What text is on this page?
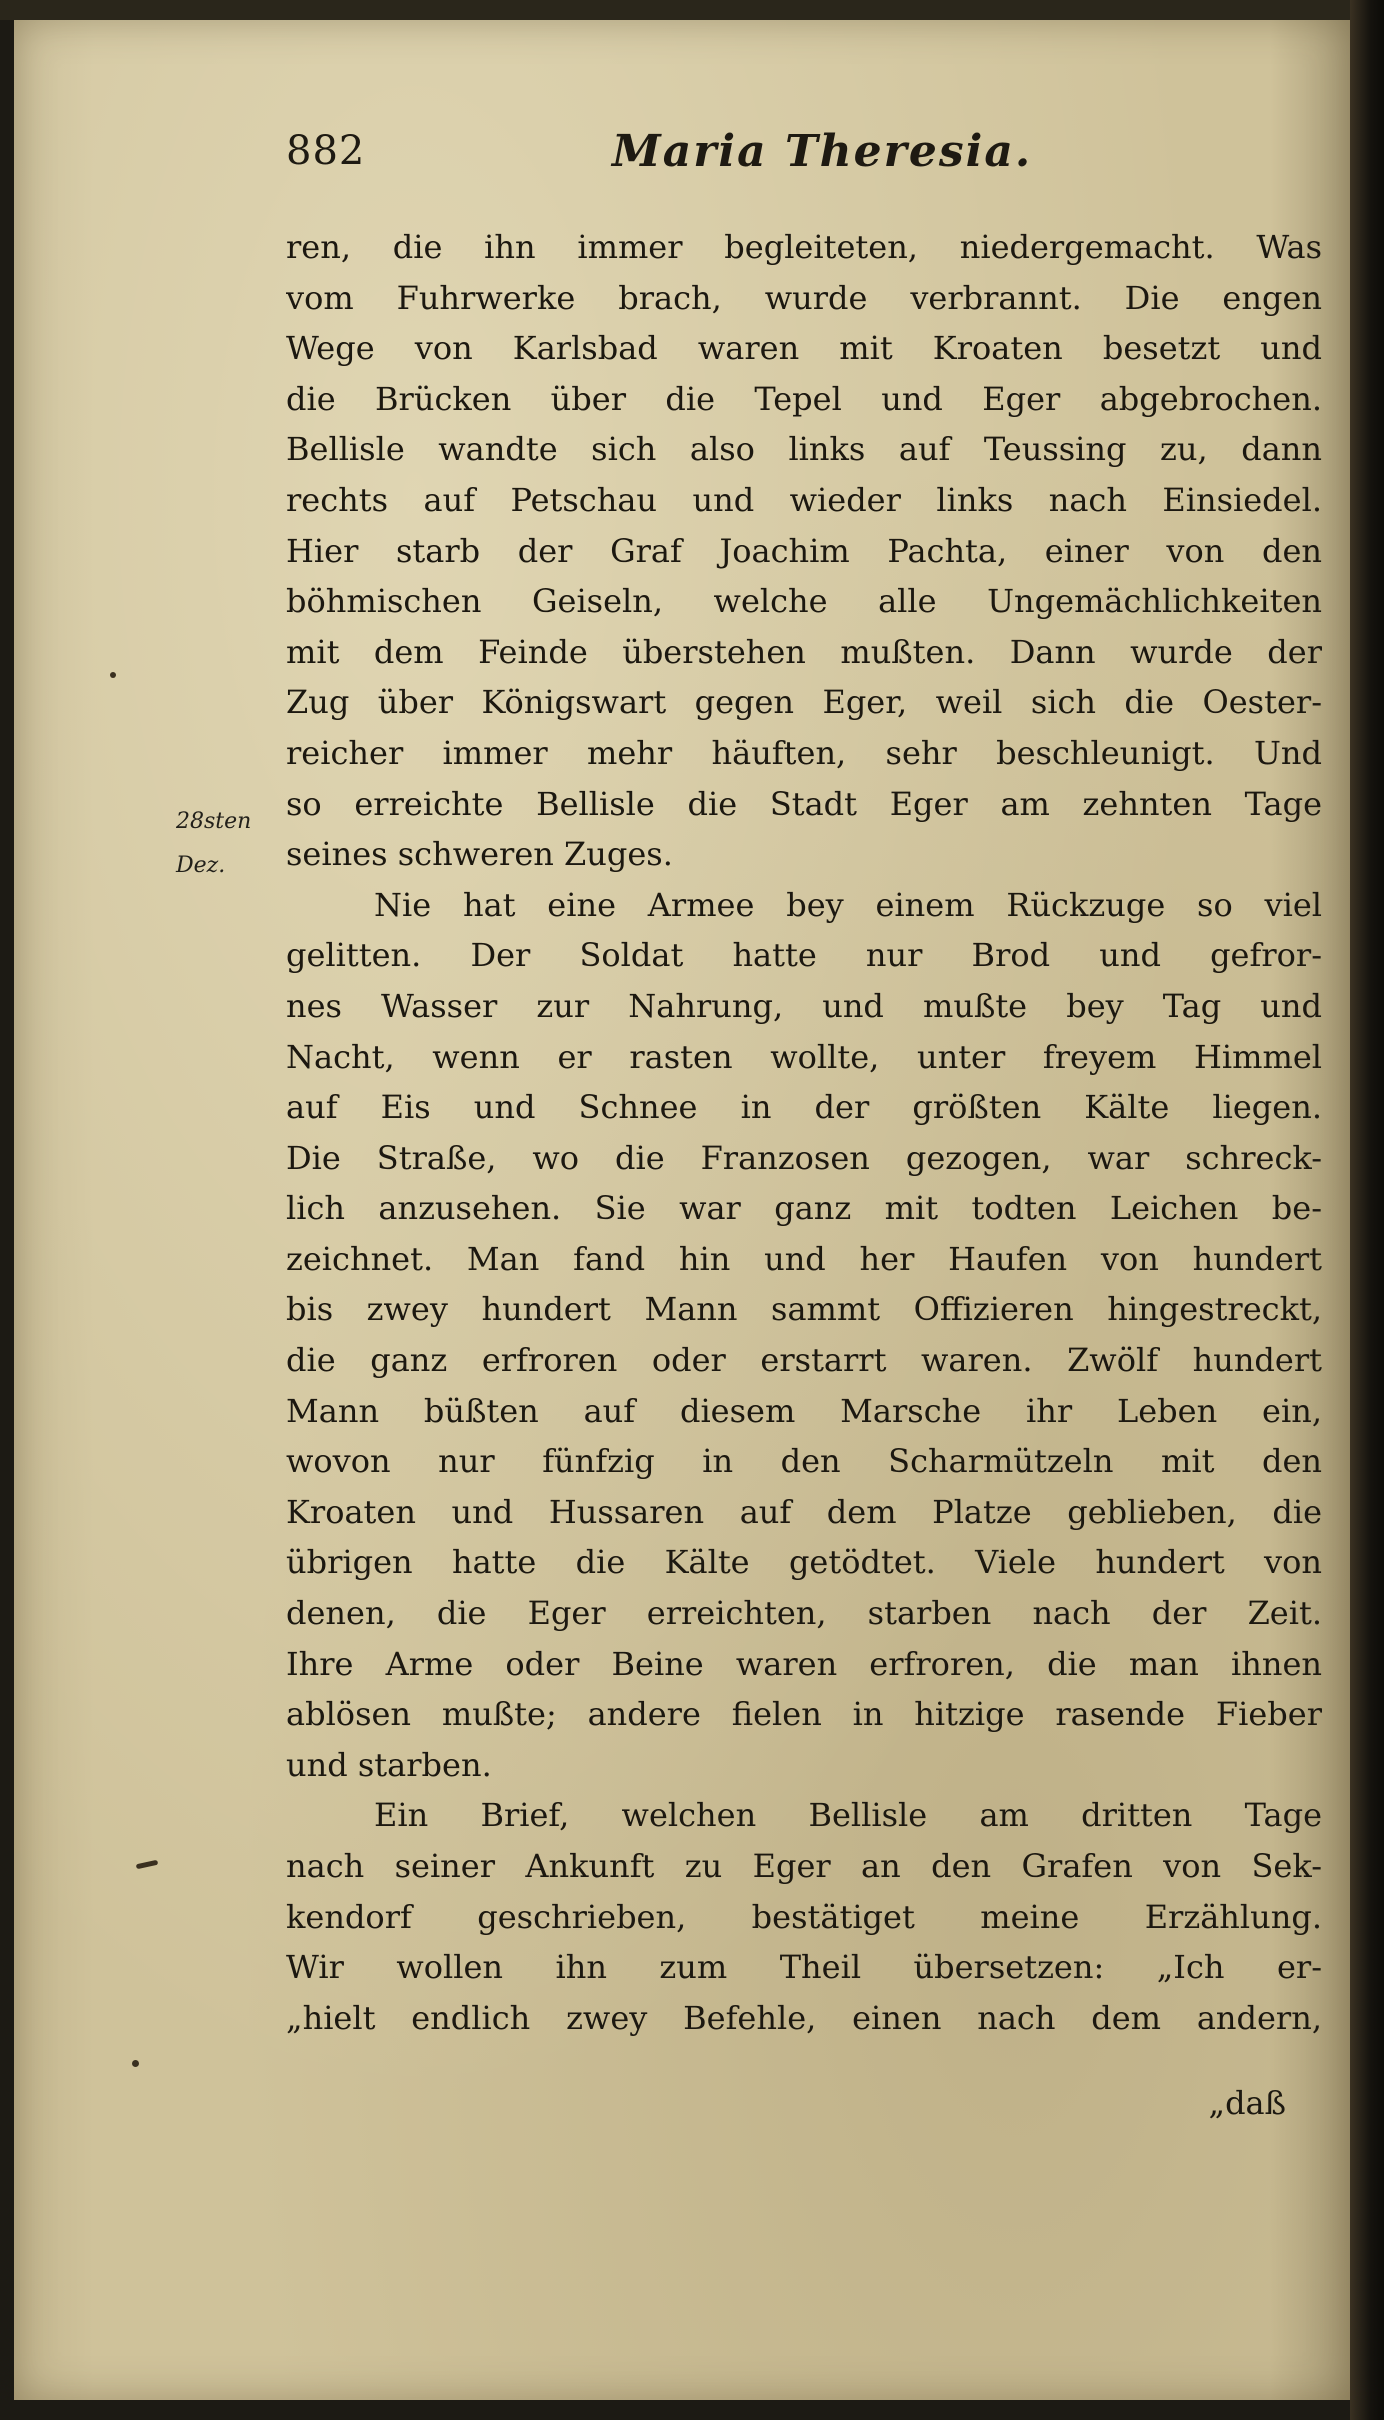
882	Maria Theresia.
28sten
Dez.
ren, die ihn immer begleiteten, niedergemacht. Was
vom Fuhrwerke brach, wurde verbrannt. Die engen
Wege von Karlsbad waren mit Kroaten besetzt und
die Brücken über die Tepel und Eger abgebrochen.
Bellisle wandte sich also links auf Teussing zu, dann
rechts auf Petschau und wieder links nach Einsiedel.
Hier starb der Graf Joachim Pachta, einer von den
böhmischen Geiseln, welche alle Ungemächlichkeiten
mit dem Feinde überstehen mußten. Dann wurde der
Zug über Königswart gegen Eger, weil sich die Oester-
reicher immer mehr häuften, sehr beschleunigt. Und
so erreichte Bellisle die Stadt Eger am zehnten Tage
seines schweren Zuges.
Nie hat eine Armee bey einem Rückzuge so viel
gelitten. Der Soldat hatte nur Brod und gefror-
nes Wasser zur Nahrung, und mußte bey Tag und
Nacht, wenn er rasten wollte, unter freyem Himmel
auf Eis und Schnee in der größten Kälte liegen.
Die Straße, wo die Franzosen gezogen, war schreck-
lich anzusehen. Sie war ganz mit todten Leichen be-
zeichnet. Man fand hin und her Haufen von hundert
bis zwey hundert Mann sammt Offizieren hingestreckt,
die ganz erfroren oder erstarrt waren. Zwölf hundert
Mann büßten auf diesem Marsche ihr Leben ein,
wovon nur fünfzig in den Scharmützeln mit den
Kroaten und Hussaren auf dem Platze geblieben, die
übrigen hatte die Kälte getödtet. Viele hundert von
denen, die Eger erreichten, starben nach der Zeit.
Ihre Arme oder Beine waren erfroren, die man ihnen
ablösen mußte; andere fielen in hitzige rasende Fieber
und starben.
Ein Brief, welchen Bellisle am dritten Tage
nach seiner Ankunft zu Eger an den Grafen von Sek-
kendorf geschrieben, bestätiget meine Erzählung.
Wir wollen ihn zum Theil übersetzen: „Ich er-
„hielt endlich zwey Befehle, einen nach dem andern,
„daß
